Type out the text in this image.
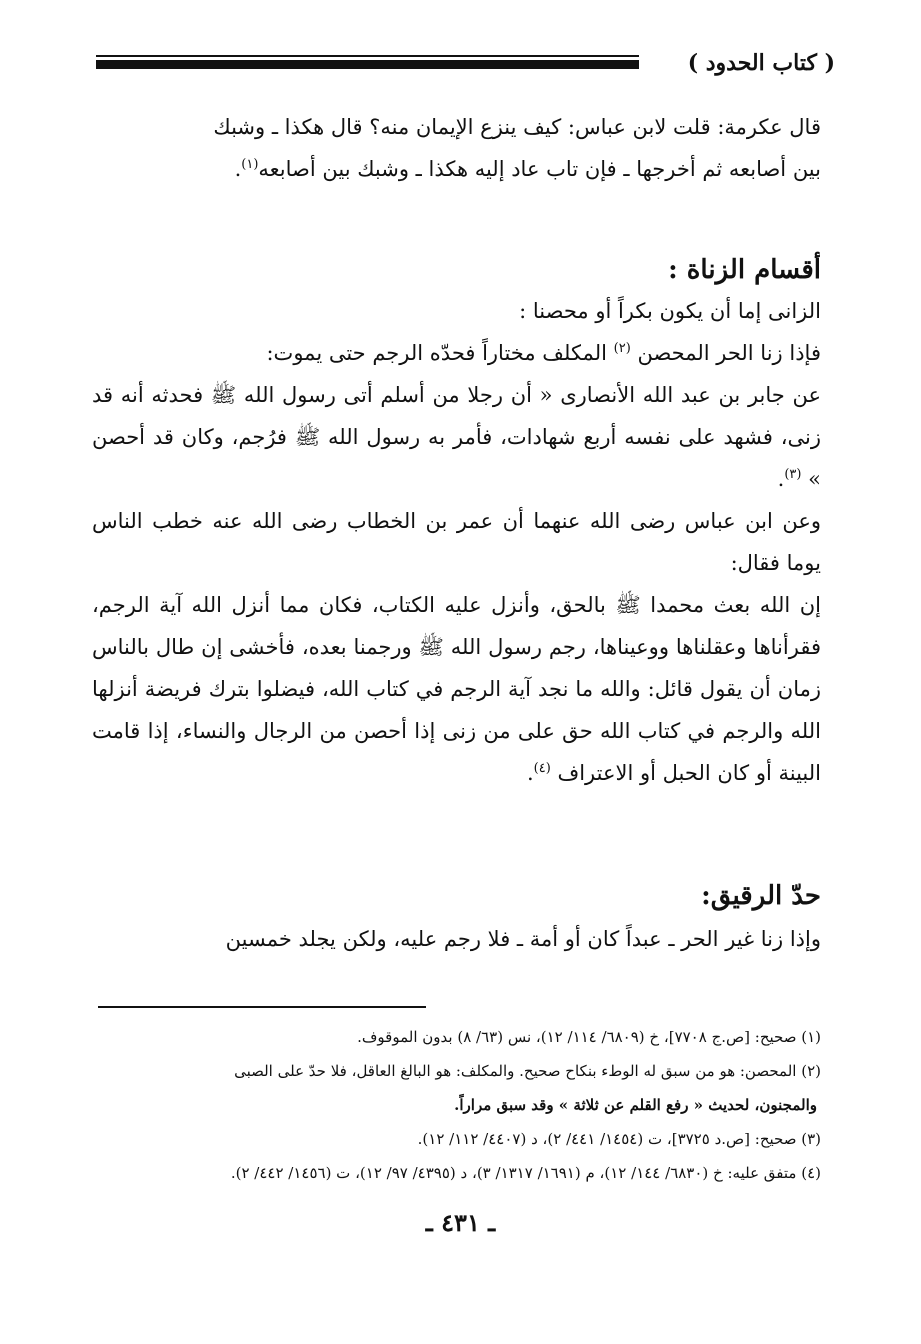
( كتاب الحدود )

قال عكرمة: قلت لابن عباس: كيف ينزع الإيمان منه؟ قال هكذا ـ وشبك

بين أصابعه ثم أخرجها ـ فإن تاب عاد إليه هكذا ـ وشبك بين أصابعه$^{(١)}$.

أقسام الزناة :

الزانى إما أن يكون بكراً أو محصنا :

فإذا زنا الحر المحصن $^{(٢)}$ المكلف مختاراً فحدّه الرجم حتى يموت:

عن جابر بن عبد الله الأنصارى « أن رجلا من أسلم أتى رسول الله ﷺ فحدثه أنه قد زنى، فشهد على نفسه أربع شهادات، فأمر به رسول الله ﷺ فرُجم، وكان قد أحصن » $^{(٣)}$.

وعن ابن عباس رضى الله عنهما أن عمر بن الخطاب رضى الله عنه خطب الناس يوما فقال:

إن الله بعث محمدا ﷺ بالحق، وأنزل عليه الكتاب، فكان مما أنزل الله آية الرجم، فقرأناها وعقلناها ووعيناها، رجم رسول الله ﷺ ورجمنا بعده، فأخشى إن طال بالناس زمان أن يقول قائل: والله ما نجد آية الرجم في كتاب الله، فيضلوا بترك فريضة أنزلها الله والرجم في كتاب الله حق على من زنى إذا أحصن من الرجال والنساء، إذا قامت البينة أو كان الحبل أو الاعتراف $^{(٤)}$.

حدّ الرقيق:

وإذا زنا غير الحر ـ عبداً كان أو أمة ـ فلا رجم عليه، ولكن يجلد خمسين

(١) صحيح: [ص.ج ٧٧٠٨]، خ (٦٨٠٩/ ١١٤/ ١٢)، نس (٦٣/ ٨) بدون الموقوف.

(٢) المحصن: هو من سبق له الوطء بنكاح صحيح. والمكلف: هو البالغ العاقل، فلا حدّ على الصبى

والمجنون، لحديث « رفع القلم عن ثلاثة » وقد سبق مراراً.

(٣) صحيح: [ص.د ٣٧٢٥]، ت (١٤٥٤/ ٤٤١/ ٢)، د (٤٤٠٧/ ١١٢/ ١٢).

(٤) متفق عليه: خ (٦٨٣٠/ ١٤٤/ ١٢)، م (١٦٩١/ ١٣١٧/ ٣)، د (٤٣٩٥/ ٩٧/ ١٢)، ت (١٤٥٦/ ٤٤٢/ ٢).

ـ ٤٣١ ـ
